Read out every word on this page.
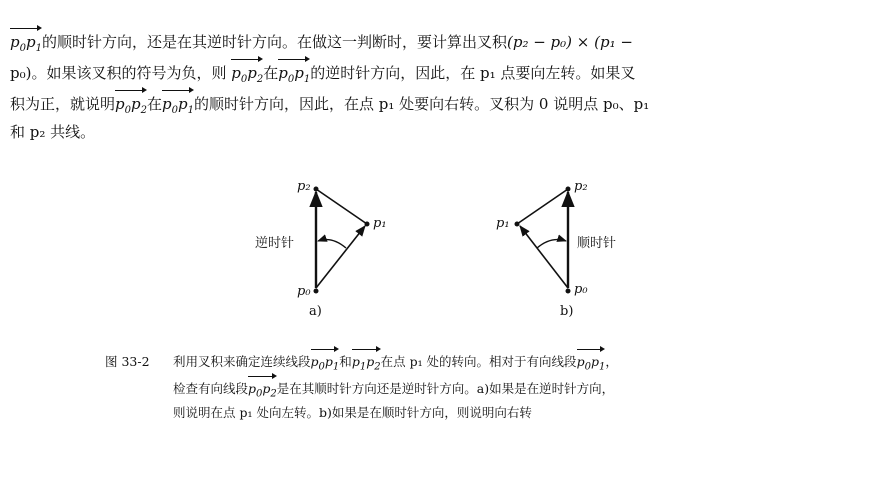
$p_0p_1$的顺时针方向，还是在其逆时针方向。在做这一判断时，要计算出叉积(p₂ − p₀) × (p₁ −
p₀)。如果该叉积的符号为负，则 $p_0p_2$在$p_0p_1$的逆时针方向，因此，在 p₁ 点要向左转。如果叉
积为正，就说明$p_0p_2$在$p_0p_1$的顺时针方向，因此，在点 p₁ 处要向右转。叉积为 0 说明点 p₀、p₁
和 p₂ 共线。
p₂
p₁
p₀
逆时针
a)
p₂
p₁
p₀
顺时针
b)
图 33-2 利用叉积来确定连续线段$p_0p_1$和$p_1p_2$在点 p₁ 处的转向。相对于有向线段$p_0p_1$，
检查有向线段$p_0p_2$是在其顺时针方向还是逆时针方向。a)如果是在逆时针方向，
则说明在点 p₁ 处向左转。b)如果是在顺时针方向，则说明向右转
